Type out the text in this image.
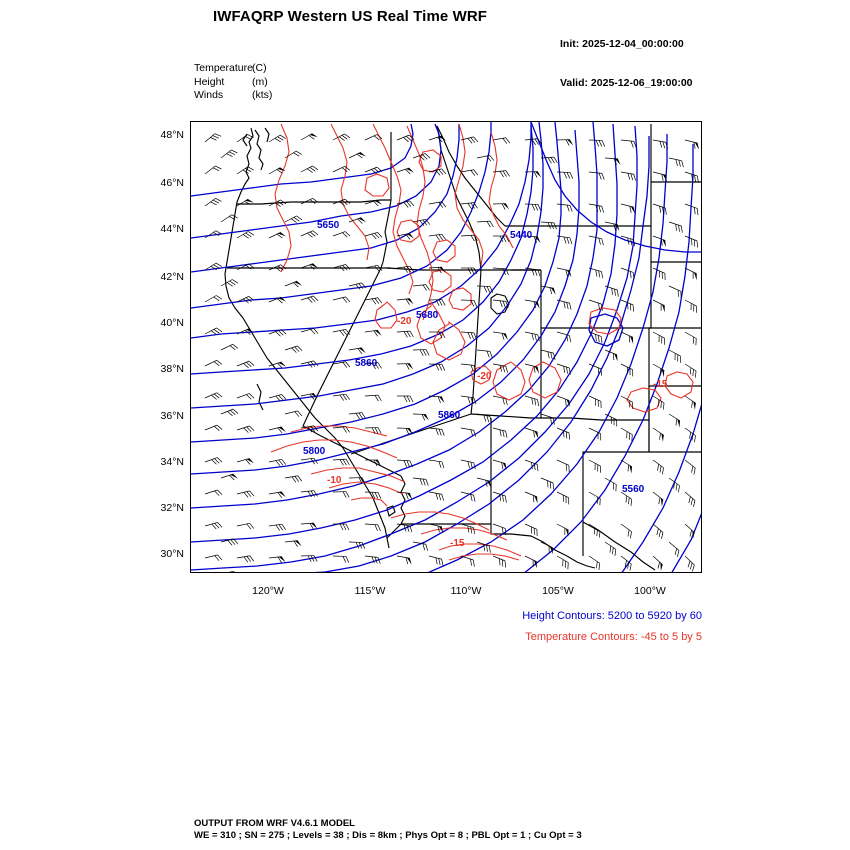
IWFAQRP Western US Real Time WRF

Init: 2025-12-04_00:00:00

Valid: 2025-12-06_19:00:00

Temperature (C)
Height	(m)
Winds	(kts)
48°N
46°N
44°N
42°N
40°N
38°N
36°N
34°N
32°N
30°N
120°W	115°W	110°W	105°W	100°W
5650
5440
5680
5860
5860
5800
5560
-20
-20
-15
-10
-15
Height Contours: 5200 to 5920 by 60
Temperature Contours: -45 to 5 by 5
OUTPUT FROM WRF V4.6.1 MODEL
WE = 310 ; SN = 275 ; Levels = 38 ; Dis = 8km ; Phys Opt = 8 ; PBL Opt = 1 ; Cu Opt = 3
